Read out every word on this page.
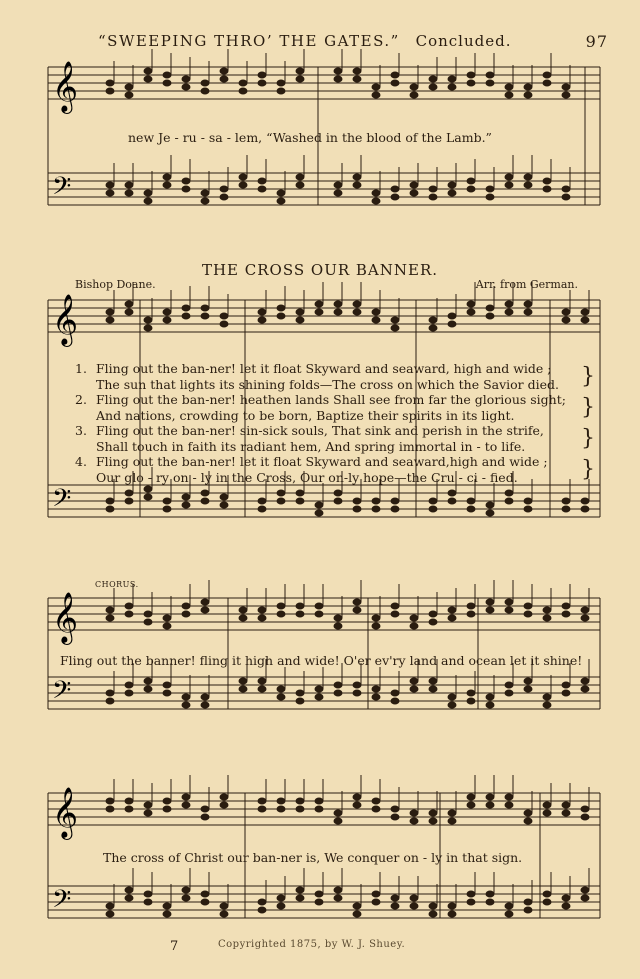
𝄞
𝄢
𝄞
𝄢
𝄞
𝄢
𝄞
𝄢
“SWEEPING THRO’ THE GATES.” Concluded.	97
new Je - ru - sa - lem, “Washed in the blood of the Lamb.”
THE CROSS OUR BANNER.
Bishop Doane.	Arr. from German.
}
}
}
}
1. Fling out the ban-ner! let it float Skyward and seaward, high and wide ;
The sun that lights its shining folds—The cross on which the Savior died.
2. Fling out the ban-ner! heathen lands Shall see from far the glorious sight;
And nations, crowding to be born, Baptize their spirits in its light.
3. Fling out the ban-ner! sin-sick souls, That sink and perish in the strife,
Shall touch in faith its radiant hem, And spring immortal in - to life.
4. Fling out the ban-ner! let it float Skyward and seaward,high and wide ;
Our glo - ry on - ly in the Cross, Our on-ly hope—the Cru - ci - fied.
CHORUS.
Fling out the banner! fling it high and wide! O'er ev'ry land and ocean let it shine!
The cross of Christ our ban-ner is, We conquer on - ly in that sign.
7	Copyrighted 1875, by W. J. Shuey.
